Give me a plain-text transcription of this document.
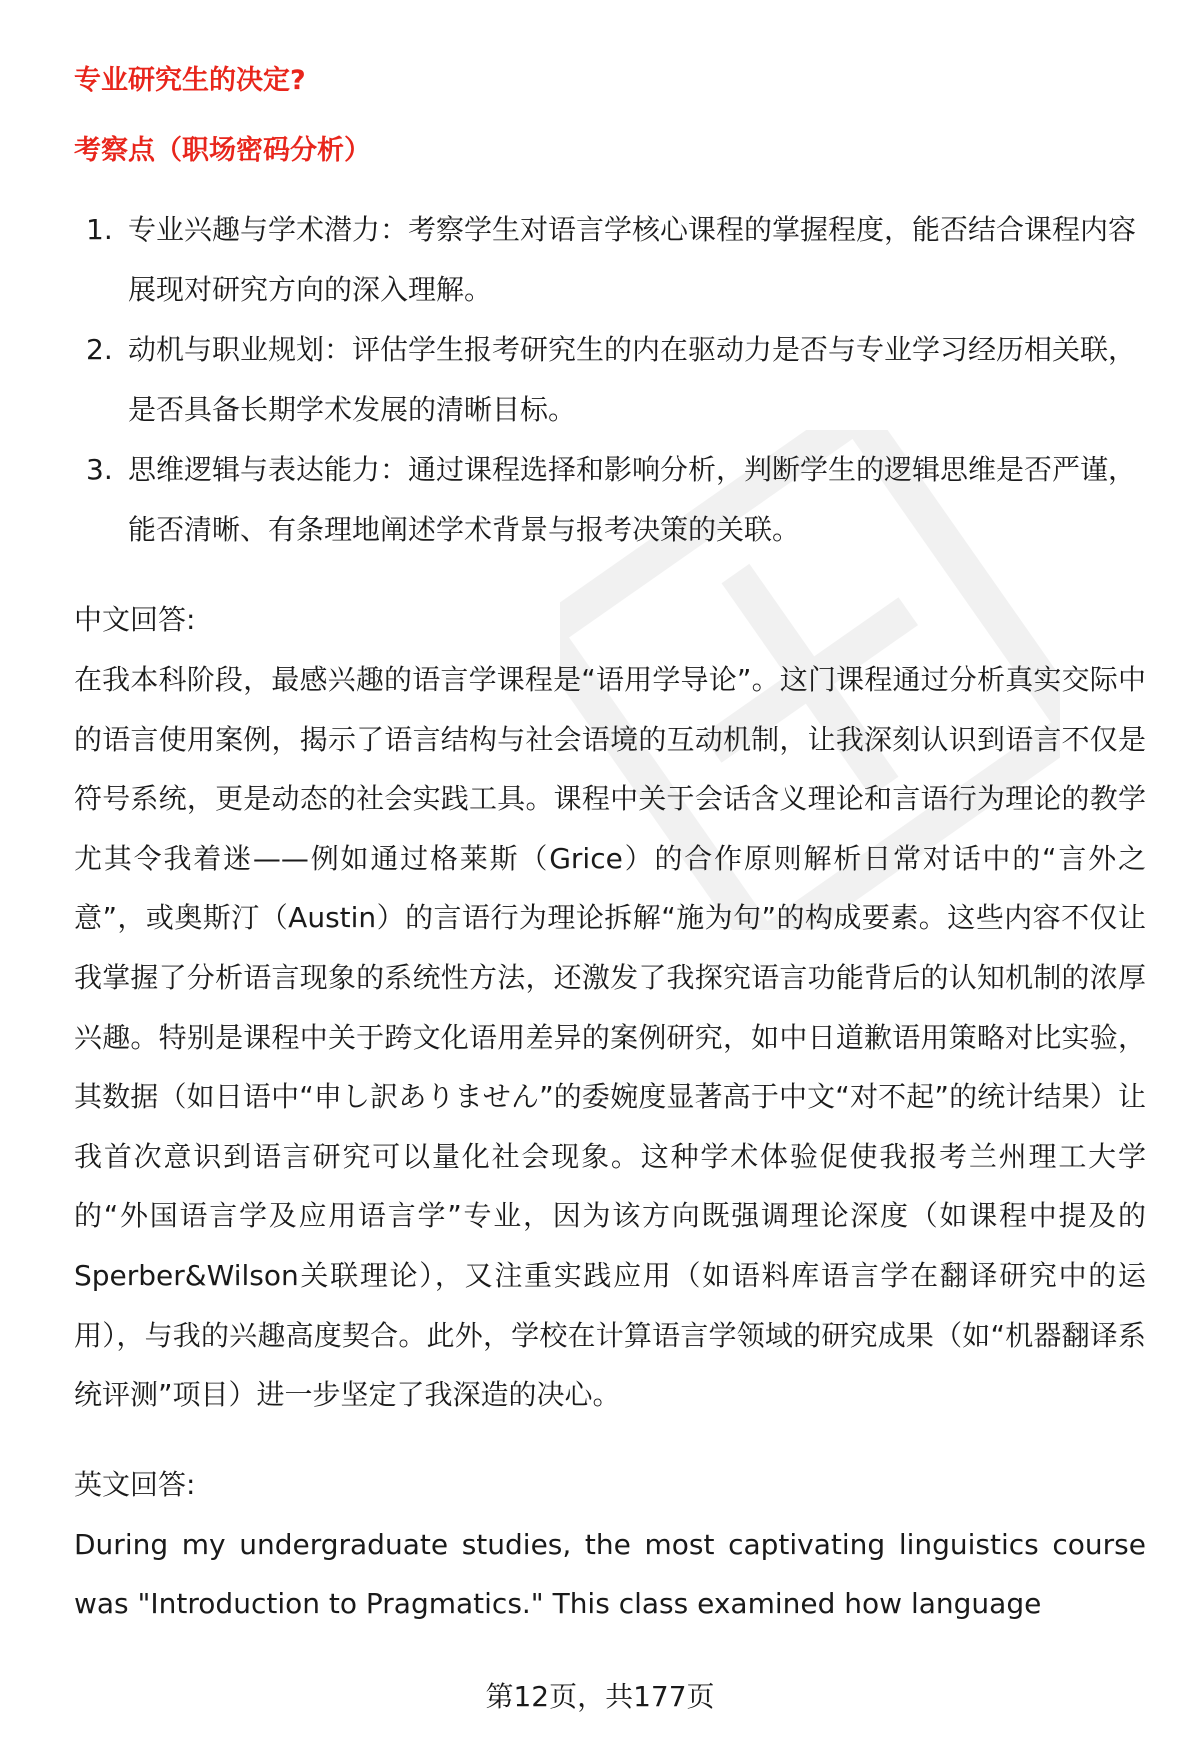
专业研究生的决定?
考察点（职场密码分析）
1. 专业兴趣与学术潜力：考察学生对语言学核心课程的掌握程度，能否结合课程内容展现对研究方向的深入理解。
2. 动机与职业规划：评估学生报考研究生的内在驱动力是否与专业学习经历相关联，是否具备长期学术发展的清晰目标。
3. 思维逻辑与表达能力：通过课程选择和影响分析，判断学生的逻辑思维是否严谨，能否清晰、有条理地阐述学术背景与报考决策的关联。

中文回答:

在我本科阶段，最感兴趣的语言学课程是“语用学导论”。这门课程通过分析真实交际中的语言使用案例，揭示了语言结构与社会语境的互动机制，让我深刻认识到语言不仅是符号系统，更是动态的社会实践工具。课程中关于会话含义理论和言语行为理论的教学尤其令我着迷——例如通过格莱斯（Grice）的合作原则解析日常对话中的“言外之意”，或奥斯汀（Austin）的言语行为理论拆解“施为句”的构成要素。这些内容不仅让我掌握了分析语言现象的系统性方法，还激发了我探究语言功能背后的认知机制的浓厚兴趣。特别是课程中关于跨文化语用差异的案例研究，如中日道歉语用策略对比实验，其数据（如日语中“申し訳ありません”的委婉度显著高于中文“对不起”的统计结果）让我首次意识到语言研究可以量化社会现象。这种学术体验促使我报考兰州理工大学的“外国语言学及应用语言学”专业，因为该方向既强调理论深度（如课程中提及的Sperber&Wilson关联理论），又注重实践应用（如语料库语言学在翻译研究中的运用），与我的兴趣高度契合。此外，学校在计算语言学领域的研究成果（如“机器翻译系统评测”项目）进一步坚定了我深造的决心。

英文回答:

During my undergraduate studies, the most captivating linguistics course was "Introduction to Pragmatics." This class examined how language

第12页，共177页
